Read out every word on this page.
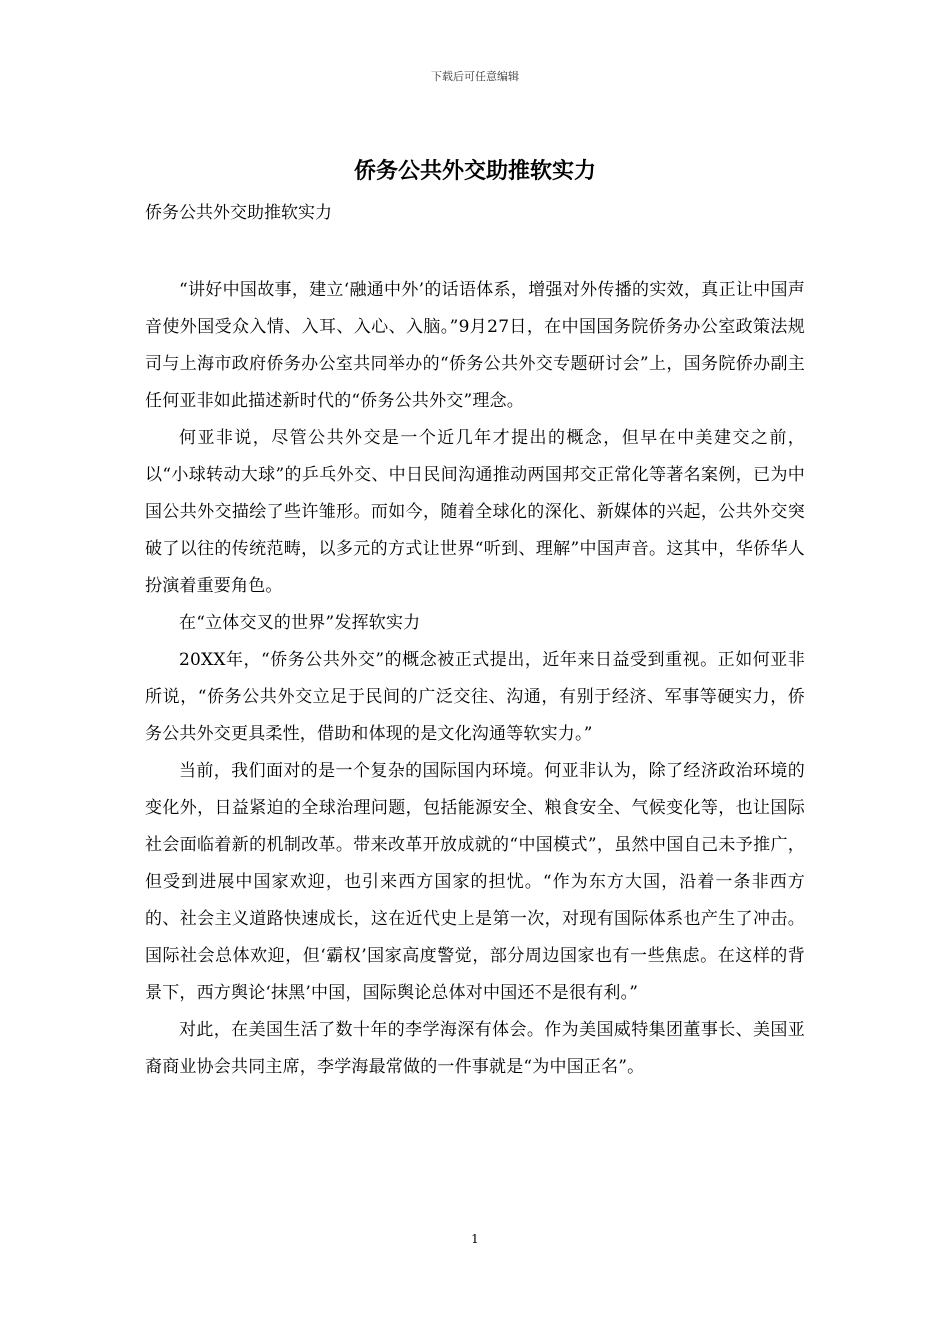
下载后可任意编辑
侨务公共外交助推软实力

侨务公共外交助推软实力

“讲好中国故事，建立‘融通中外’的话语体系，增强对外传播的实效，真正让中国声音使外国受众入情、入耳、入心、入脑。”9月27日，在中国国务院侨务办公室政策法规司与上海市政府侨务办公室共同举办的“侨务公共外交专题研讨会”上，国务院侨办副主任何亚非如此描述新时代的“侨务公共外交”理念。

何亚非说，尽管公共外交是一个近几年才提出的概念，但早在中美建交之前，以“小球转动大球”的乒乓外交、中日民间沟通推动两国邦交正常化等著名案例，已为中国公共外交描绘了些许雏形。而如今，随着全球化的深化、新媒体的兴起，公共外交突破了以往的传统范畴，以多元的方式让世界“听到、理解”中国声音。这其中，华侨华人扮演着重要角色。

在“立体交叉的世界”发挥软实力

20XX年，“侨务公共外交”的概念被正式提出，近年来日益受到重视。正如何亚非所说，“侨务公共外交立足于民间的广泛交往、沟通，有别于经济、军事等硬实力，侨务公共外交更具柔性，借助和体现的是文化沟通等软实力。”

当前，我们面对的是一个复杂的国际国内环境。何亚非认为，除了经济政治环境的变化外，日益紧迫的全球治理问题，包括能源安全、粮食安全、气候变化等，也让国际社会面临着新的机制改革。带来改革开放成就的“中国模式”，虽然中国自己未予推广，但受到进展中国家欢迎，也引来西方国家的担忧。“作为东方大国，沿着一条非西方的、社会主义道路快速成长，这在近代史上是第一次，对现有国际体系也产生了冲击。国际社会总体欢迎，但‘霸权’国家高度警觉，部分周边国家也有一些焦虑。在这样的背景下，西方舆论‘抹黑’中国，国际舆论总体对中国还不是很有利。”

对此，在美国生活了数十年的李学海深有体会。作为美国威特集团董事长、美国亚裔商业协会共同主席，李学海最常做的一件事就是“为中国正名”。

1
